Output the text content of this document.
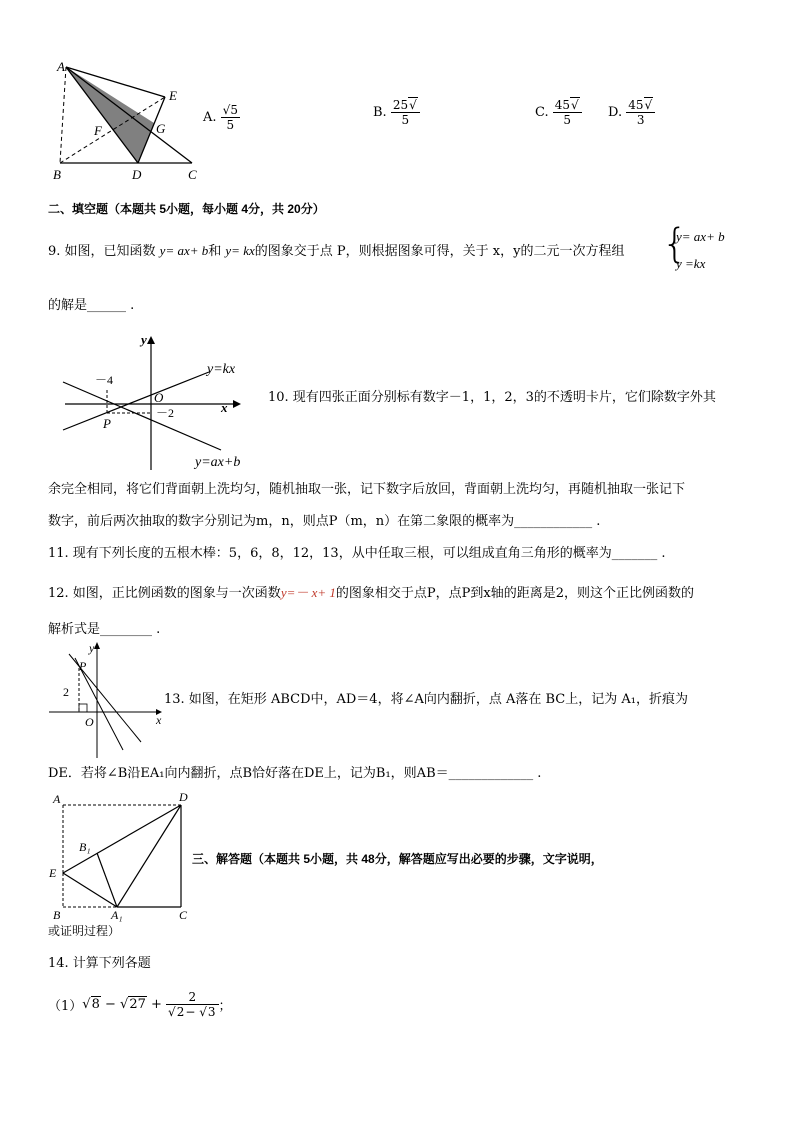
A
E
F	G
B	D	C
A. $\frac{√5}{5}$	B. $\frac{25√}{5}$	C. $\frac{45√}{5} D$. $\frac{45√}{3}$
二、填空题（本题共 5小题，每小题 4分，共 20分）
9. 如图，已知函数 y= ax+ b和 y= kx的图象交于点 P，则根据图象可得，关于 x，y的二元一次方程组 {
y= ax+ b
y =kx
的解是______ .
y
x
－4
－2
O
P
y=kx
y=ax+b
10. 现有四张正面分别标有数字－1，1，2，3的不透明卡片，它们除数字外其
余完全相同，将它们背面朝上洗均匀，随机抽取一张，记下数字后放回，背面朝上洗均匀，再随机抽取一张记下
数字，前后两次抽取的数字分别记为m，n，则点P（m，n）在第二象限的概率为____________ .
11. 现有下列长度的五根木棒：5，6，8，12，13，从中任取三根，可以组成直角三角形的概率为_______ .
12. 如图，正比例函数的图象与一次函数y=－ x+ 1的图象相交于点P，点P到x轴的距离是2，则这个正比例函数的
解析式是________ .
y
x
P
O
2	13. 如图，在矩形 ABCD中，AD＝4，将∠A向内翻折，点 A落在 BC上，记为 A₁，折痕为
DE．若将∠B沿EA₁向内翻折，点B恰好落在DE上，记为B₁，则AB＝_____________ .
A	D
B₁
E
B	A₁	C
三、解答题（本题共 5小题，共 48分，解答题应写出必要的步骤，文字说明，
或证明过程）
14. 计算下列各题
（1） $√8 - √27 + \frac{2}{√2- √3}$ ；
